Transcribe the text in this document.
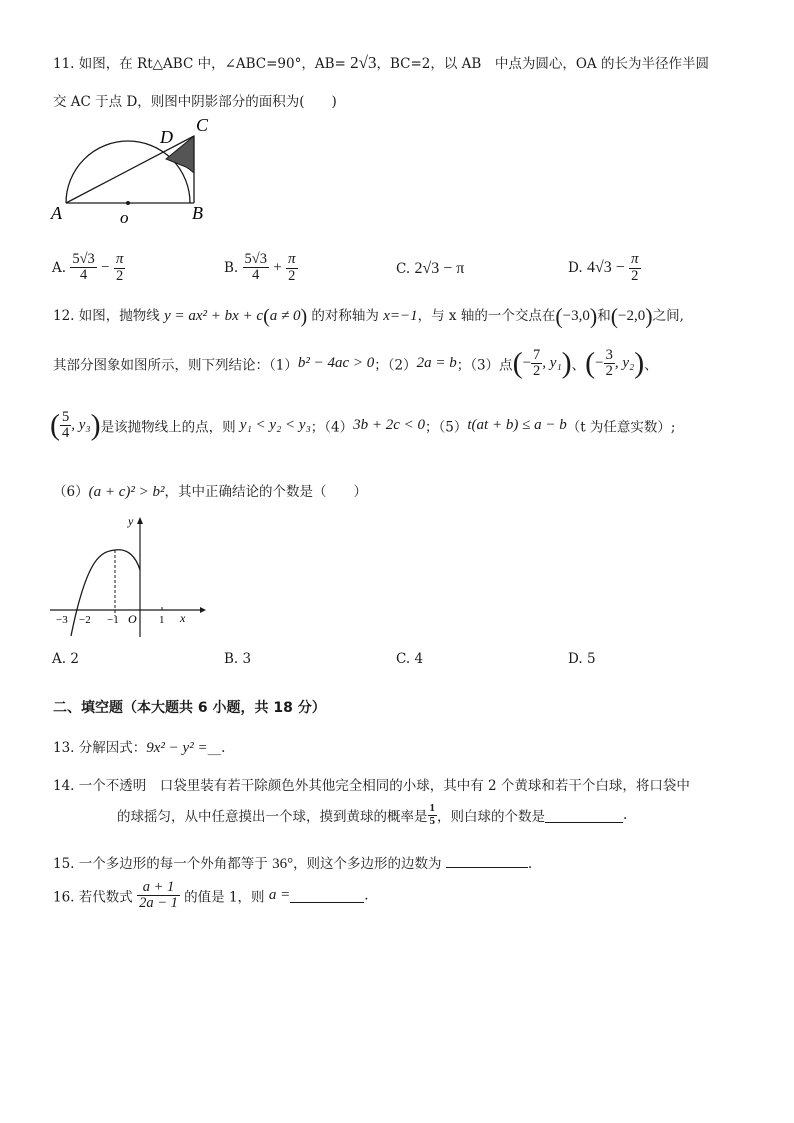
11. 如图，在 Rt△ABC 中，∠ABC=90°，AB= 2√3，BC=2，以 AB　中点为圆心，OA 的长为半径作半圆
交 AC 于点 D，则图中阴影部分的面积为(　　)
A	o	B
D
C
A. $\frac{5√3}{4} - \frac{\pi}{2}$	B. $\frac{5√3}{4} + \frac{\pi}{2}$	C. 2√3 − π	D. $4√3 - \frac{\pi}{2}$
12. 如图，抛物线 y = ax² + bx + c(a ≠ 0) 的对称轴为 x=−1，与 x 轴的一个交点在(−3,0)和(−2,0)之间,
其部分图象如图所示，则下列结论：（1）b² − 4ac > 0；（2）2a = b；（3）点(− $\frac{7}{2}$ , y₁)、(− $\frac{3}{2}$ , y₂)、
( $\frac{5}{4}$ , y₃)是该抛物线上的点，则 y₁ < y₂ < y₃；（4）3b + 2c < 0；（5）t(at + b) ≤ a − b（t 为任意实数）;
（6）(a + c)² > b²，其中正确结论的个数是（　　）
y
x
O
−3 −2 −1	1
A. 2	B. 3	C. 4	D. 5
二、填空题（本大题共 6 小题，共 18 分）
13. 分解因式：9x² − y² =__.
14. 一个不透明　口袋里装有若干除颜色外其他完全相同的小球，其中有 2 个黄球和若干个白球，将口袋中
的球摇匀，从中任意摸出一个球，摸到黄球的概率是 $\frac{1}{5}$ ，则白球的个数是	.
15. 一个多边形的每一个外角都等于 36°，则这个多边形的边数为	.
16. 若代数式 $\frac{a + 1}{2a - 1}$ 的值是 1，则 a =	.
